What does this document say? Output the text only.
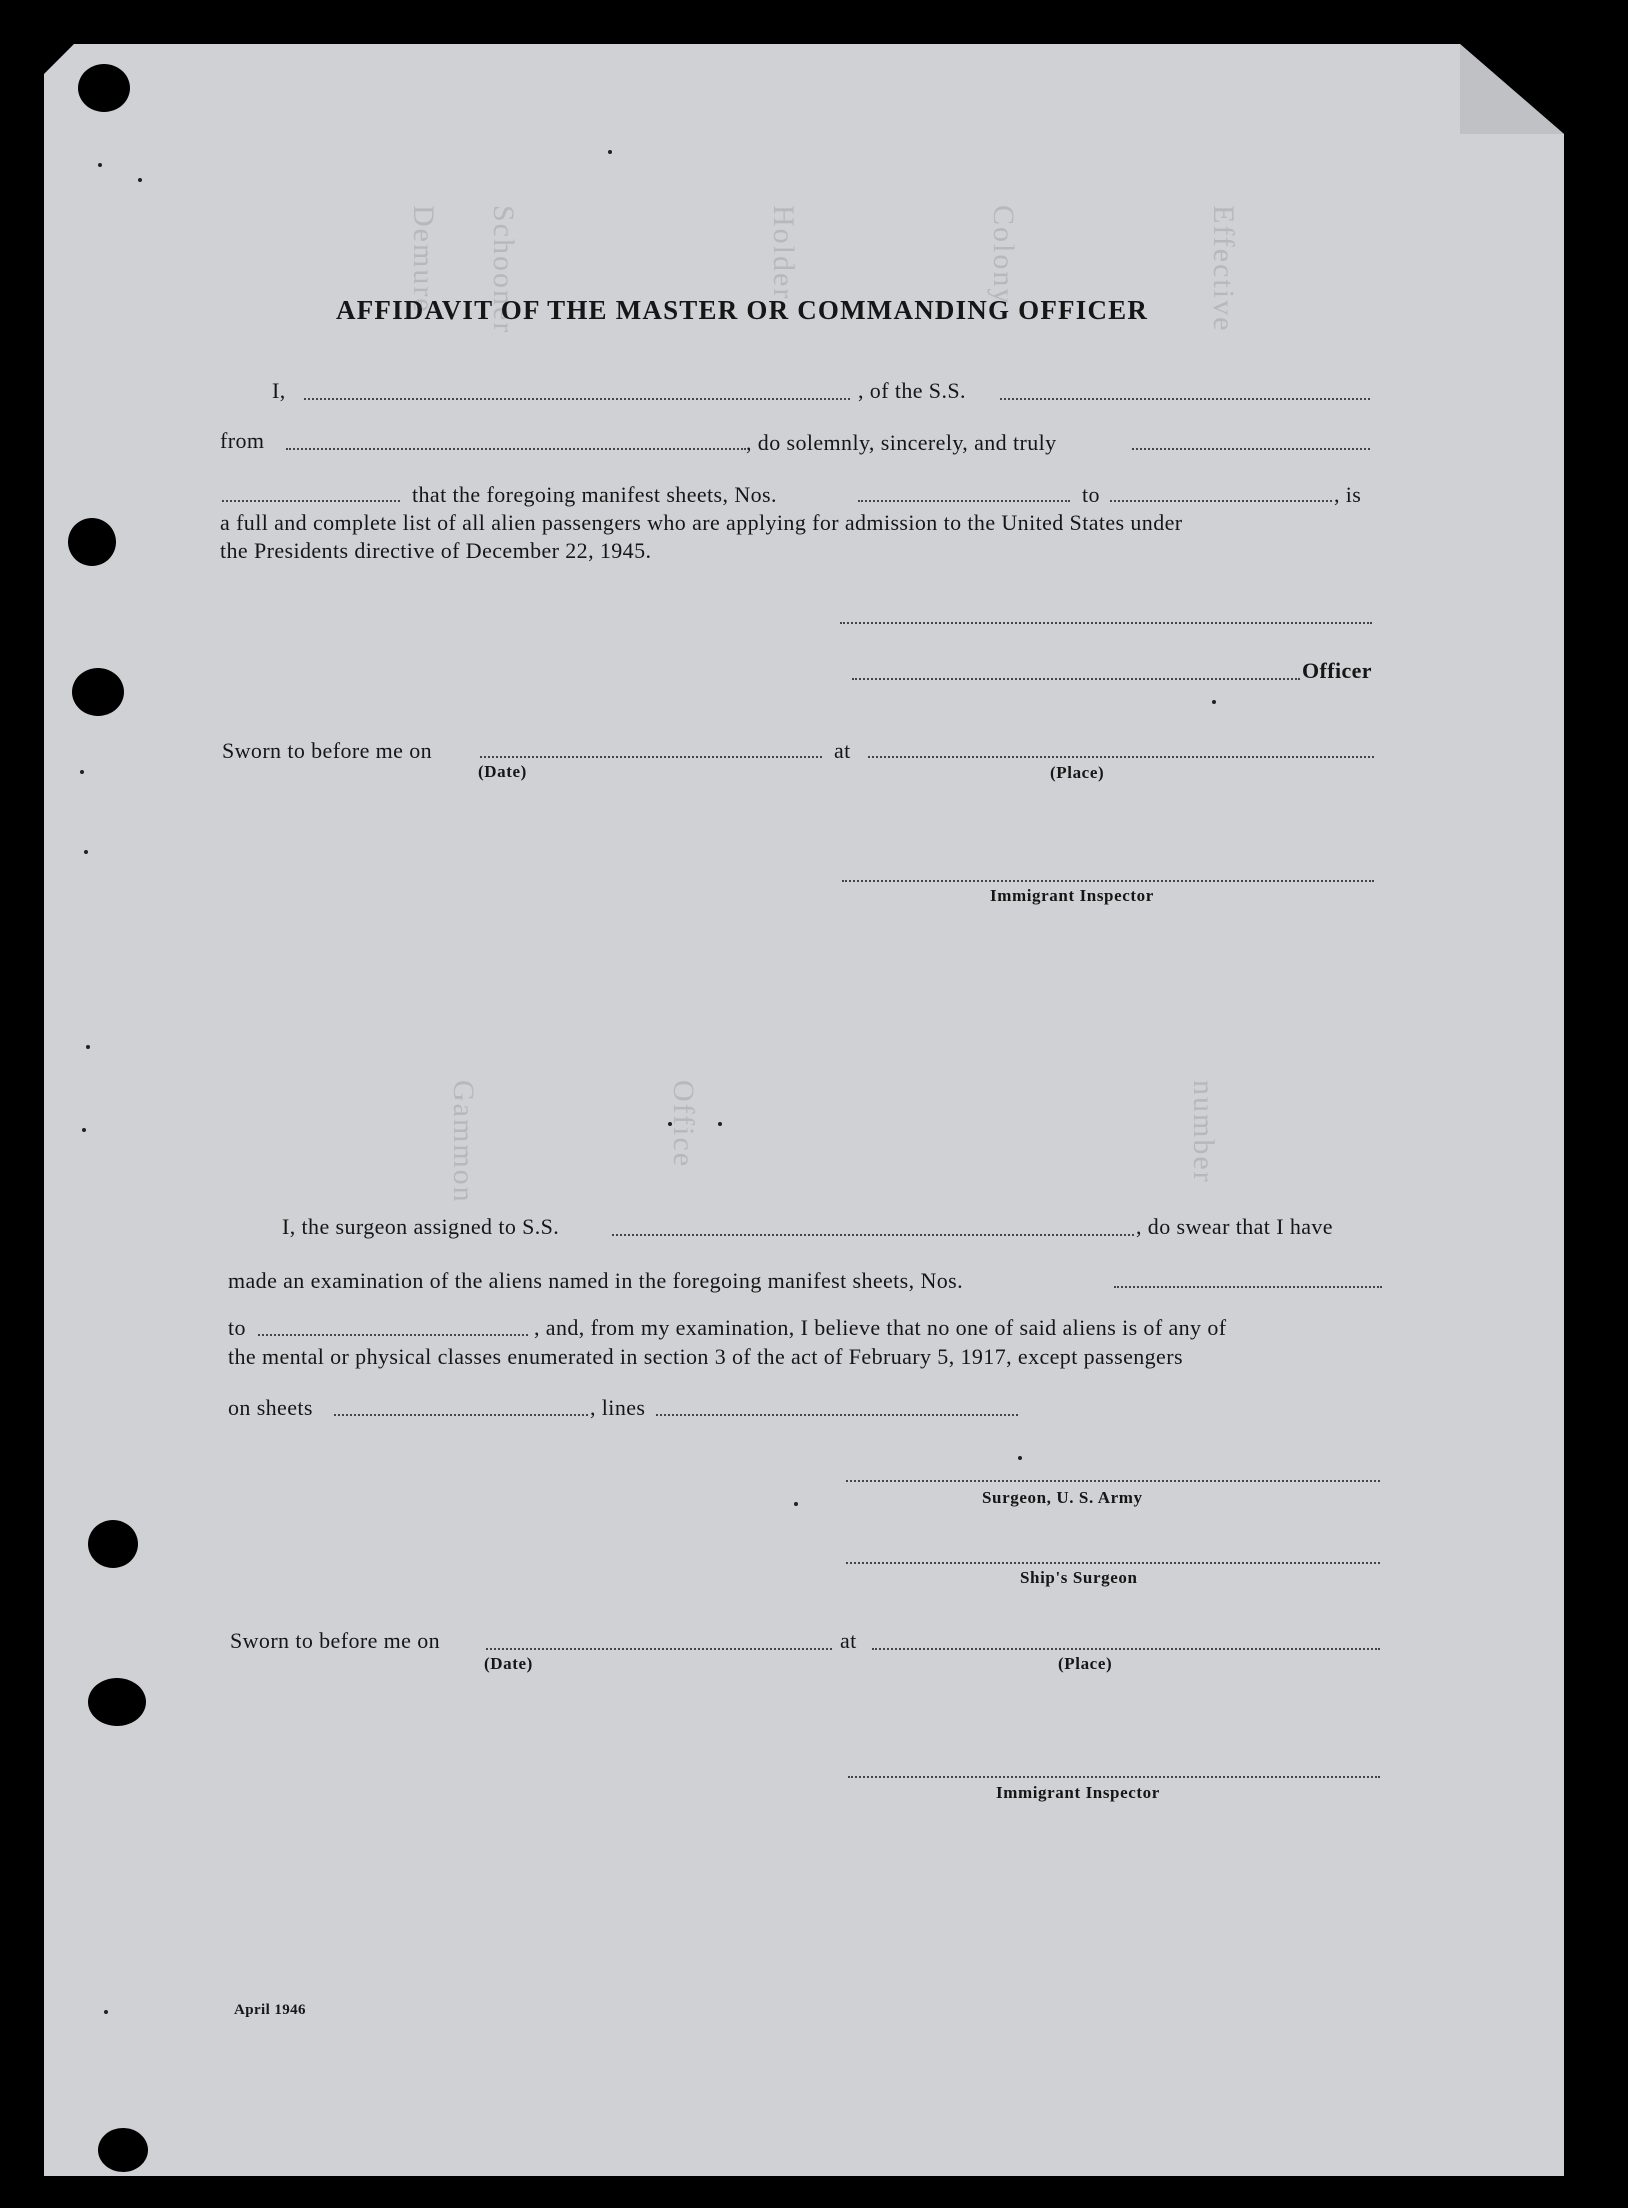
Demure Schooner	Holder	Colony	Effective
Gammon	Office	number
AFFIDAVIT OF THE MASTER OR COMMANDING OFFICER
I,	, of the S.S.
from	, do solemnly, sincerely, and truly
that the foregoing manifest sheets, Nos.	to	, is
a full and complete list of all alien passengers who are applying for admission to the United States under
the Presidents directive of December 22, 1945.
Officer
Sworn to before me on	at
(Date)	(Place)
Immigrant Inspector
I, the surgeon assigned to S.S.	, do swear that I have
made an examination of the aliens named in the foregoing manifest sheets, Nos.
to	, and, from my examination, I believe that no one of said aliens is of any of
the mental or physical classes enumerated in section 3 of the act of February 5, 1917, except passengers
on sheets	, lines
Surgeon, U. S. Army
Ship's Surgeon
Sworn to before me on	at
(Date)	(Place)
Immigrant Inspector
April 1946
